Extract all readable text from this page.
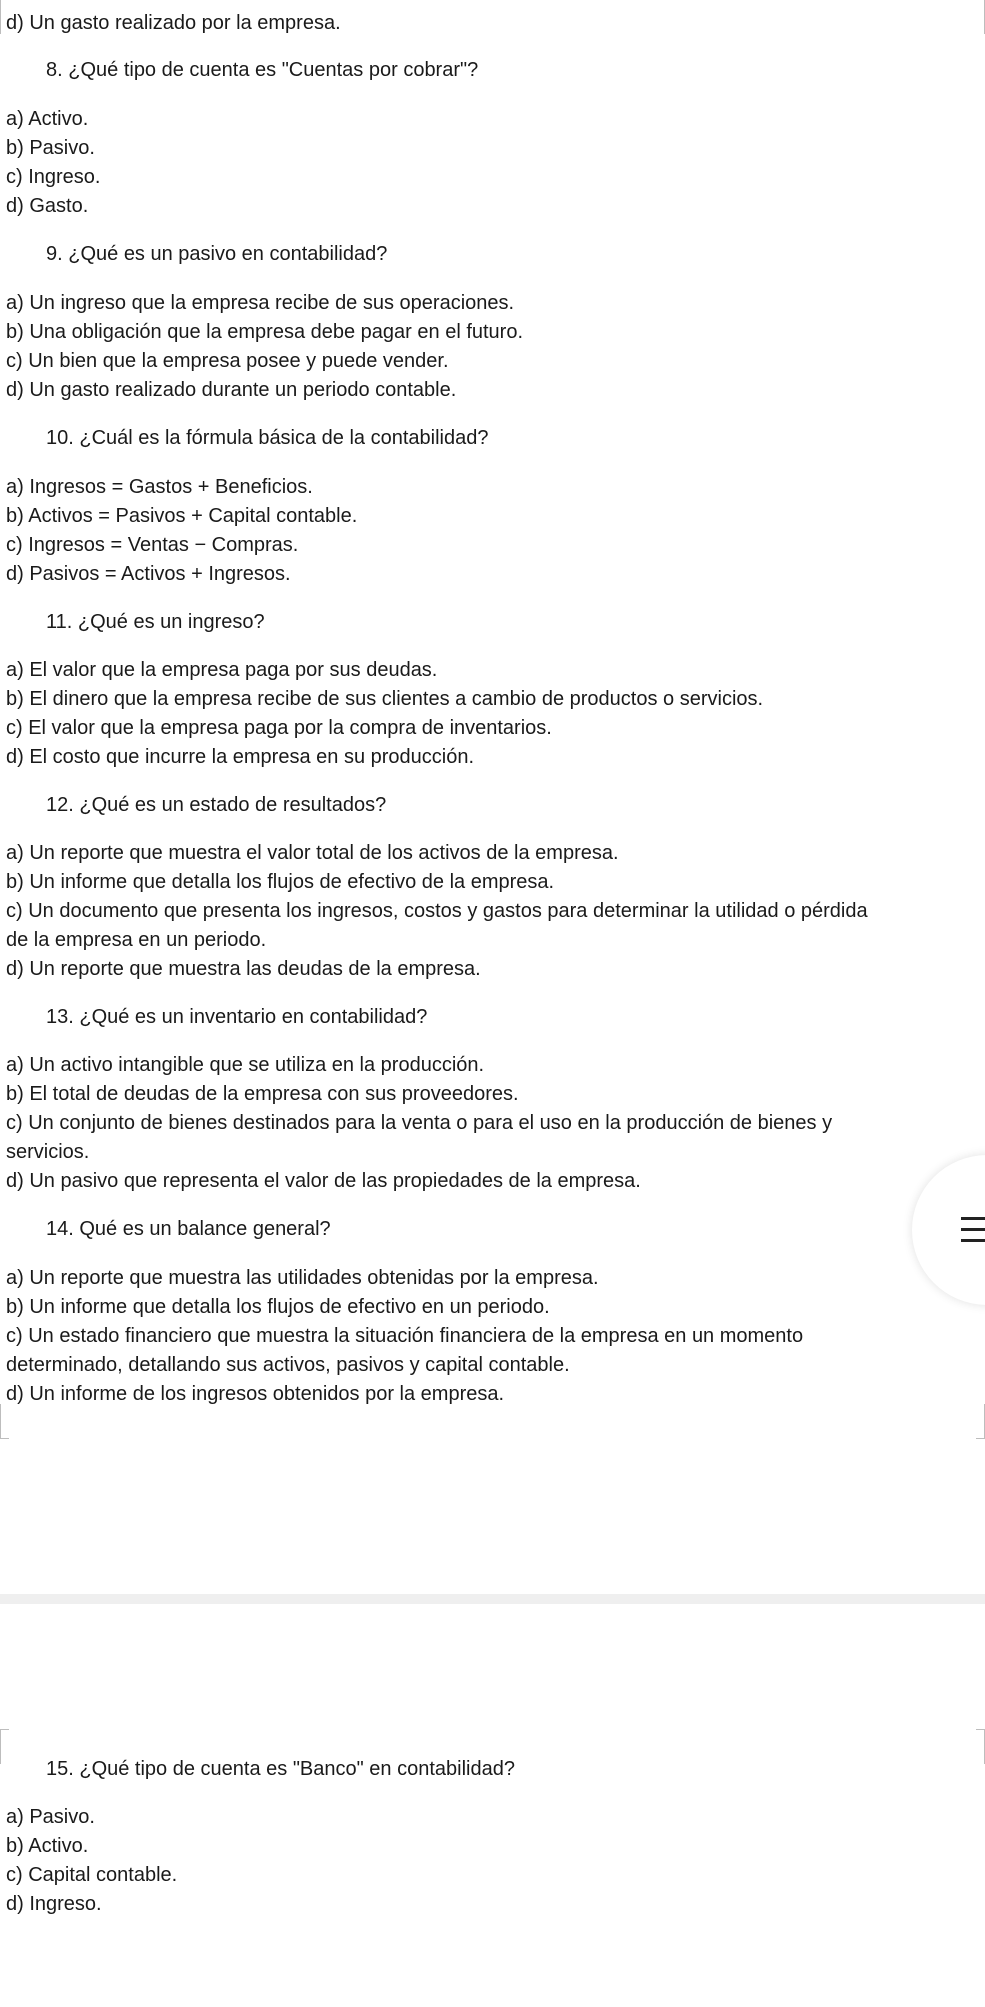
d) Un gasto realizado por la empresa.
8. ¿Qué tipo de cuenta es "Cuentas por cobrar"?
a) Activo.
b) Pasivo.
c) Ingreso.
d) Gasto.
9. ¿Qué es un pasivo en contabilidad?
a) Un ingreso que la empresa recibe de sus operaciones.
b) Una obligación que la empresa debe pagar en el futuro.
c) Un bien que la empresa posee y puede vender.
d) Un gasto realizado durante un periodo contable.
10. ¿Cuál es la fórmula básica de la contabilidad?
a) Ingresos = Gastos + Beneficios.
b) Activos = Pasivos + Capital contable.
c) Ingresos = Ventas − Compras.
d) Pasivos = Activos + Ingresos.
11. ¿Qué es un ingreso?
a) El valor que la empresa paga por sus deudas.
b) El dinero que la empresa recibe de sus clientes a cambio de productos o servicios.
c) El valor que la empresa paga por la compra de inventarios.
d) El costo que incurre la empresa en su producción.
12. ¿Qué es un estado de resultados?
a) Un reporte que muestra el valor total de los activos de la empresa.
b) Un informe que detalla los flujos de efectivo de la empresa.
c) Un documento que presenta los ingresos, costos y gastos para determinar la utilidad o pérdida
de la empresa en un periodo.
d) Un reporte que muestra las deudas de la empresa.
13. ¿Qué es un inventario en contabilidad?
a) Un activo intangible que se utiliza en la producción.
b) El total de deudas de la empresa con sus proveedores.
c) Un conjunto de bienes destinados para la venta o para el uso en la producción de bienes y
servicios.
d) Un pasivo que representa el valor de las propiedades de la empresa.
14. Qué es un balance general?
a) Un reporte que muestra las utilidades obtenidas por la empresa.
b) Un informe que detalla los flujos de efectivo en un periodo.
c) Un estado financiero que muestra la situación financiera de la empresa en un momento
determinado, detallando sus activos, pasivos y capital contable.
d) Un informe de los ingresos obtenidos por la empresa.
15. ¿Qué tipo de cuenta es "Banco" en contabilidad?
a) Pasivo.
b) Activo.
c) Capital contable.
d) Ingreso.
